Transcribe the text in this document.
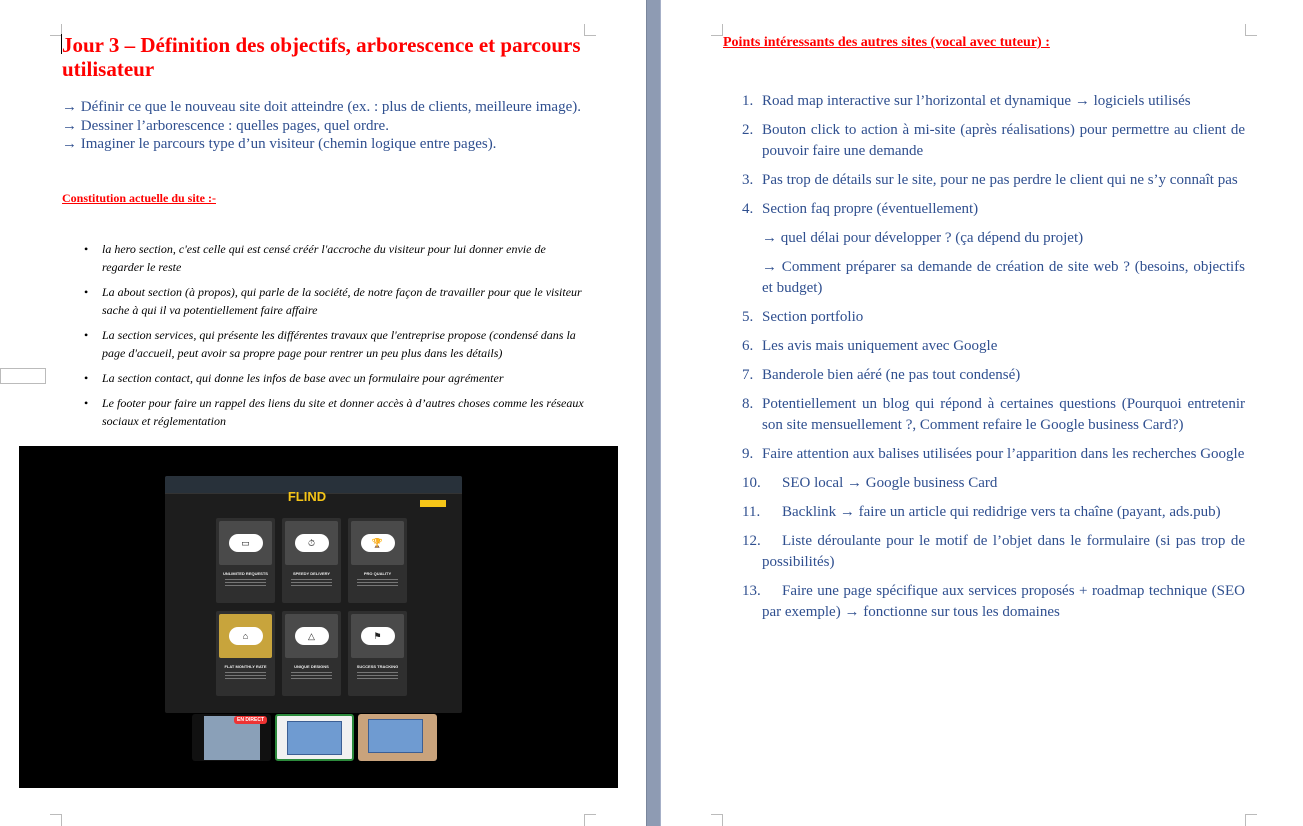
Jour 3 – Définition des objectifs, arborescence et parcours utilisateur
→ Définir ce que le nouveau site doit atteindre (ex. : plus de clients, meilleure image).
→ Dessiner l’arborescence : quelles pages, quel ordre.
→ Imaginer le parcours type d’un visiteur (chemin logique entre pages).
Constitution actuelle du site :-
• la hero section, c'est celle qui est censé créér l'accroche du visiteur pour lui donner envie de regarder le reste
• La about section (à propos), qui parle de la société, de notre façon de travailler pour que le visiteur sache à qui il va potentiellement faire affaire
• La section services, qui présente les différentes travaux que l'entreprise propose (condensé dans la page d'accueil, peut avoir sa propre page pour rentrer un peu plus dans les détails)
• La section contact, qui donne les infos de base avec un formulaire pour agrémenter
• Le footer pour faire un rappel des liens du site et donner accès à d’autres choses comme les réseaux sociaux et réglementation
FLIND
▭
UNLIMITED REQUESTS
⏱
SPEEDY DELIVERY
🏆
PRO QUALITY
⌂
FLAT MONTHLY RATE
△
UNIQUE DESIGNS
⚑
SUCCESS TRACKING
EN DIRECT
Points intéressants des autres sites (vocal avec tuteur) :
1. Road map interactive sur l’horizontal et dynamique → logiciels utilisés
2. Bouton click to action à mi-site (après réalisations) pour permettre au client de pouvoir faire une demande
3. Pas trop de détails sur le site, pour ne pas perdre le client qui ne s’y connaît pas
4. Section faq propre (éventuellement)
→ quel délai pour développer ? (ça dépend du projet)
→ Comment préparer sa demande de création de site web ? (besoins, objectifs et budget)
5. Section portfolio
6. Les avis mais uniquement avec Google
7. Banderole bien aéré (ne pas tout condensé)
8. Potentiellement un blog qui répond à certaines questions (Pourquoi entretenir son site mensuellement ?, Comment refaire le Google business Card?)
9. Faire attention aux balises utilisées pour l’apparition dans les recherches Google
10. SEO local → Google business Card
11. Backlink → faire un article qui redidrige vers ta chaîne (payant, ads.pub)
12. Liste déroulante pour le motif de l’objet dans le formulaire (si pas trop de possibilités)
13. Faire une page spécifique aux services proposés + roadmap technique (SEO par exemple) → fonctionne sur tous les domaines
